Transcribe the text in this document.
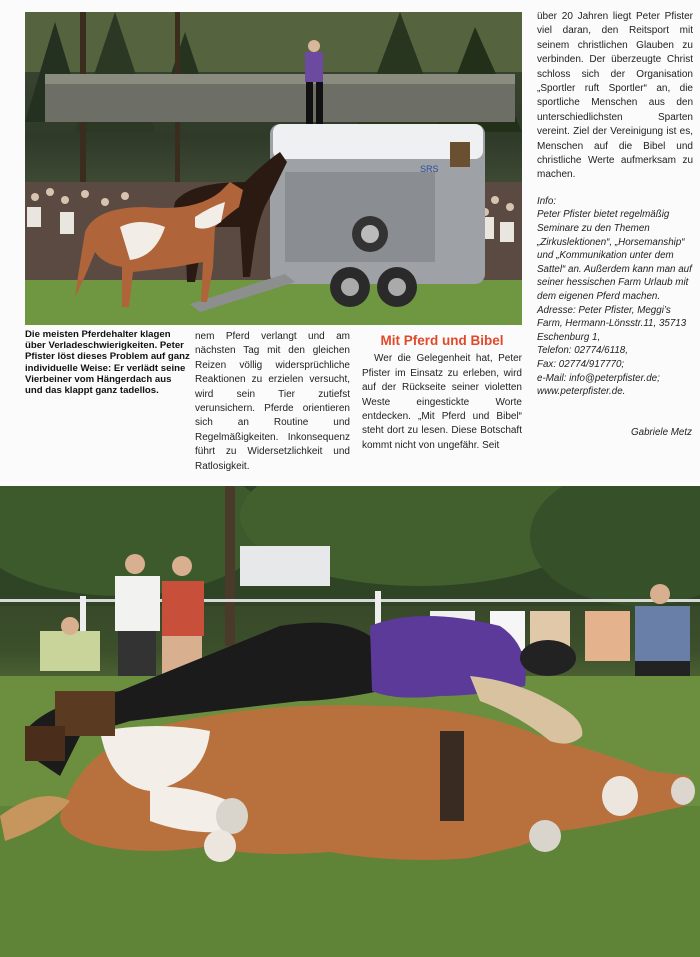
SRS
Die meisten Pferdehalter klagen über Verladeschwierigkeiten. Peter Pfister löst dieses Problem auf ganz individuelle Weise: Er verlädt seine Vierbeiner vom Hängerdach aus und das klappt ganz tadellos.

nem Pferd verlangt und am nächsten Tag mit den gleichen Reizen völlig widersprüchliche Reaktionen zu erzielen versucht, wird sein Tier zutiefst verunsichern. Pferde orientieren sich an Routine und Regelmäßigkeiten. Inkonsequenz führt zu Widersetzlichkeit und Ratlosigkeit.

Mit Pferd und Bibel

Wer die Gelegenheit hat, Peter Pfister im Einsatz zu erleben, wird auf der Rückseite seiner violetten Weste eingestickte Worte entdecken. „Mit Pferd und Bibel“ steht dort zu lesen. Diese Botschaft kommt nicht von ungefähr. Seit

über 20 Jahren liegt Peter Pfister viel daran, den Reitsport mit seinem christlichen Glauben zu verbinden. Der überzeugte Christ schloss sich der Organisation „Sportler ruft Sportler“ an, die sportliche Menschen aus den unterschiedlichsten Sparten vereint. Ziel der Vereinigung ist es, Menschen auf die Bibel und christliche Werte aufmerksam zu machen.

Info:
Peter Pfister bietet regelmäßig Seminare zu den Themen „Zirkuslektionen“, „Horsemanship“ und „Kommunikation unter dem Sattel“ an. Außerdem kann man auf seiner hessischen Farm Urlaub mit dem eigenen Pferd machen.
Adresse: Peter Pfister, Meggi’s Farm, Hermann-Lönsstr.11, 35713 Eschenburg 1,
Telefon: 02774/6118,
Fax: 02774/917770;
e-Mail: info@peterpfister.de;
www.peterpfister.de.
Gabriele Metz
